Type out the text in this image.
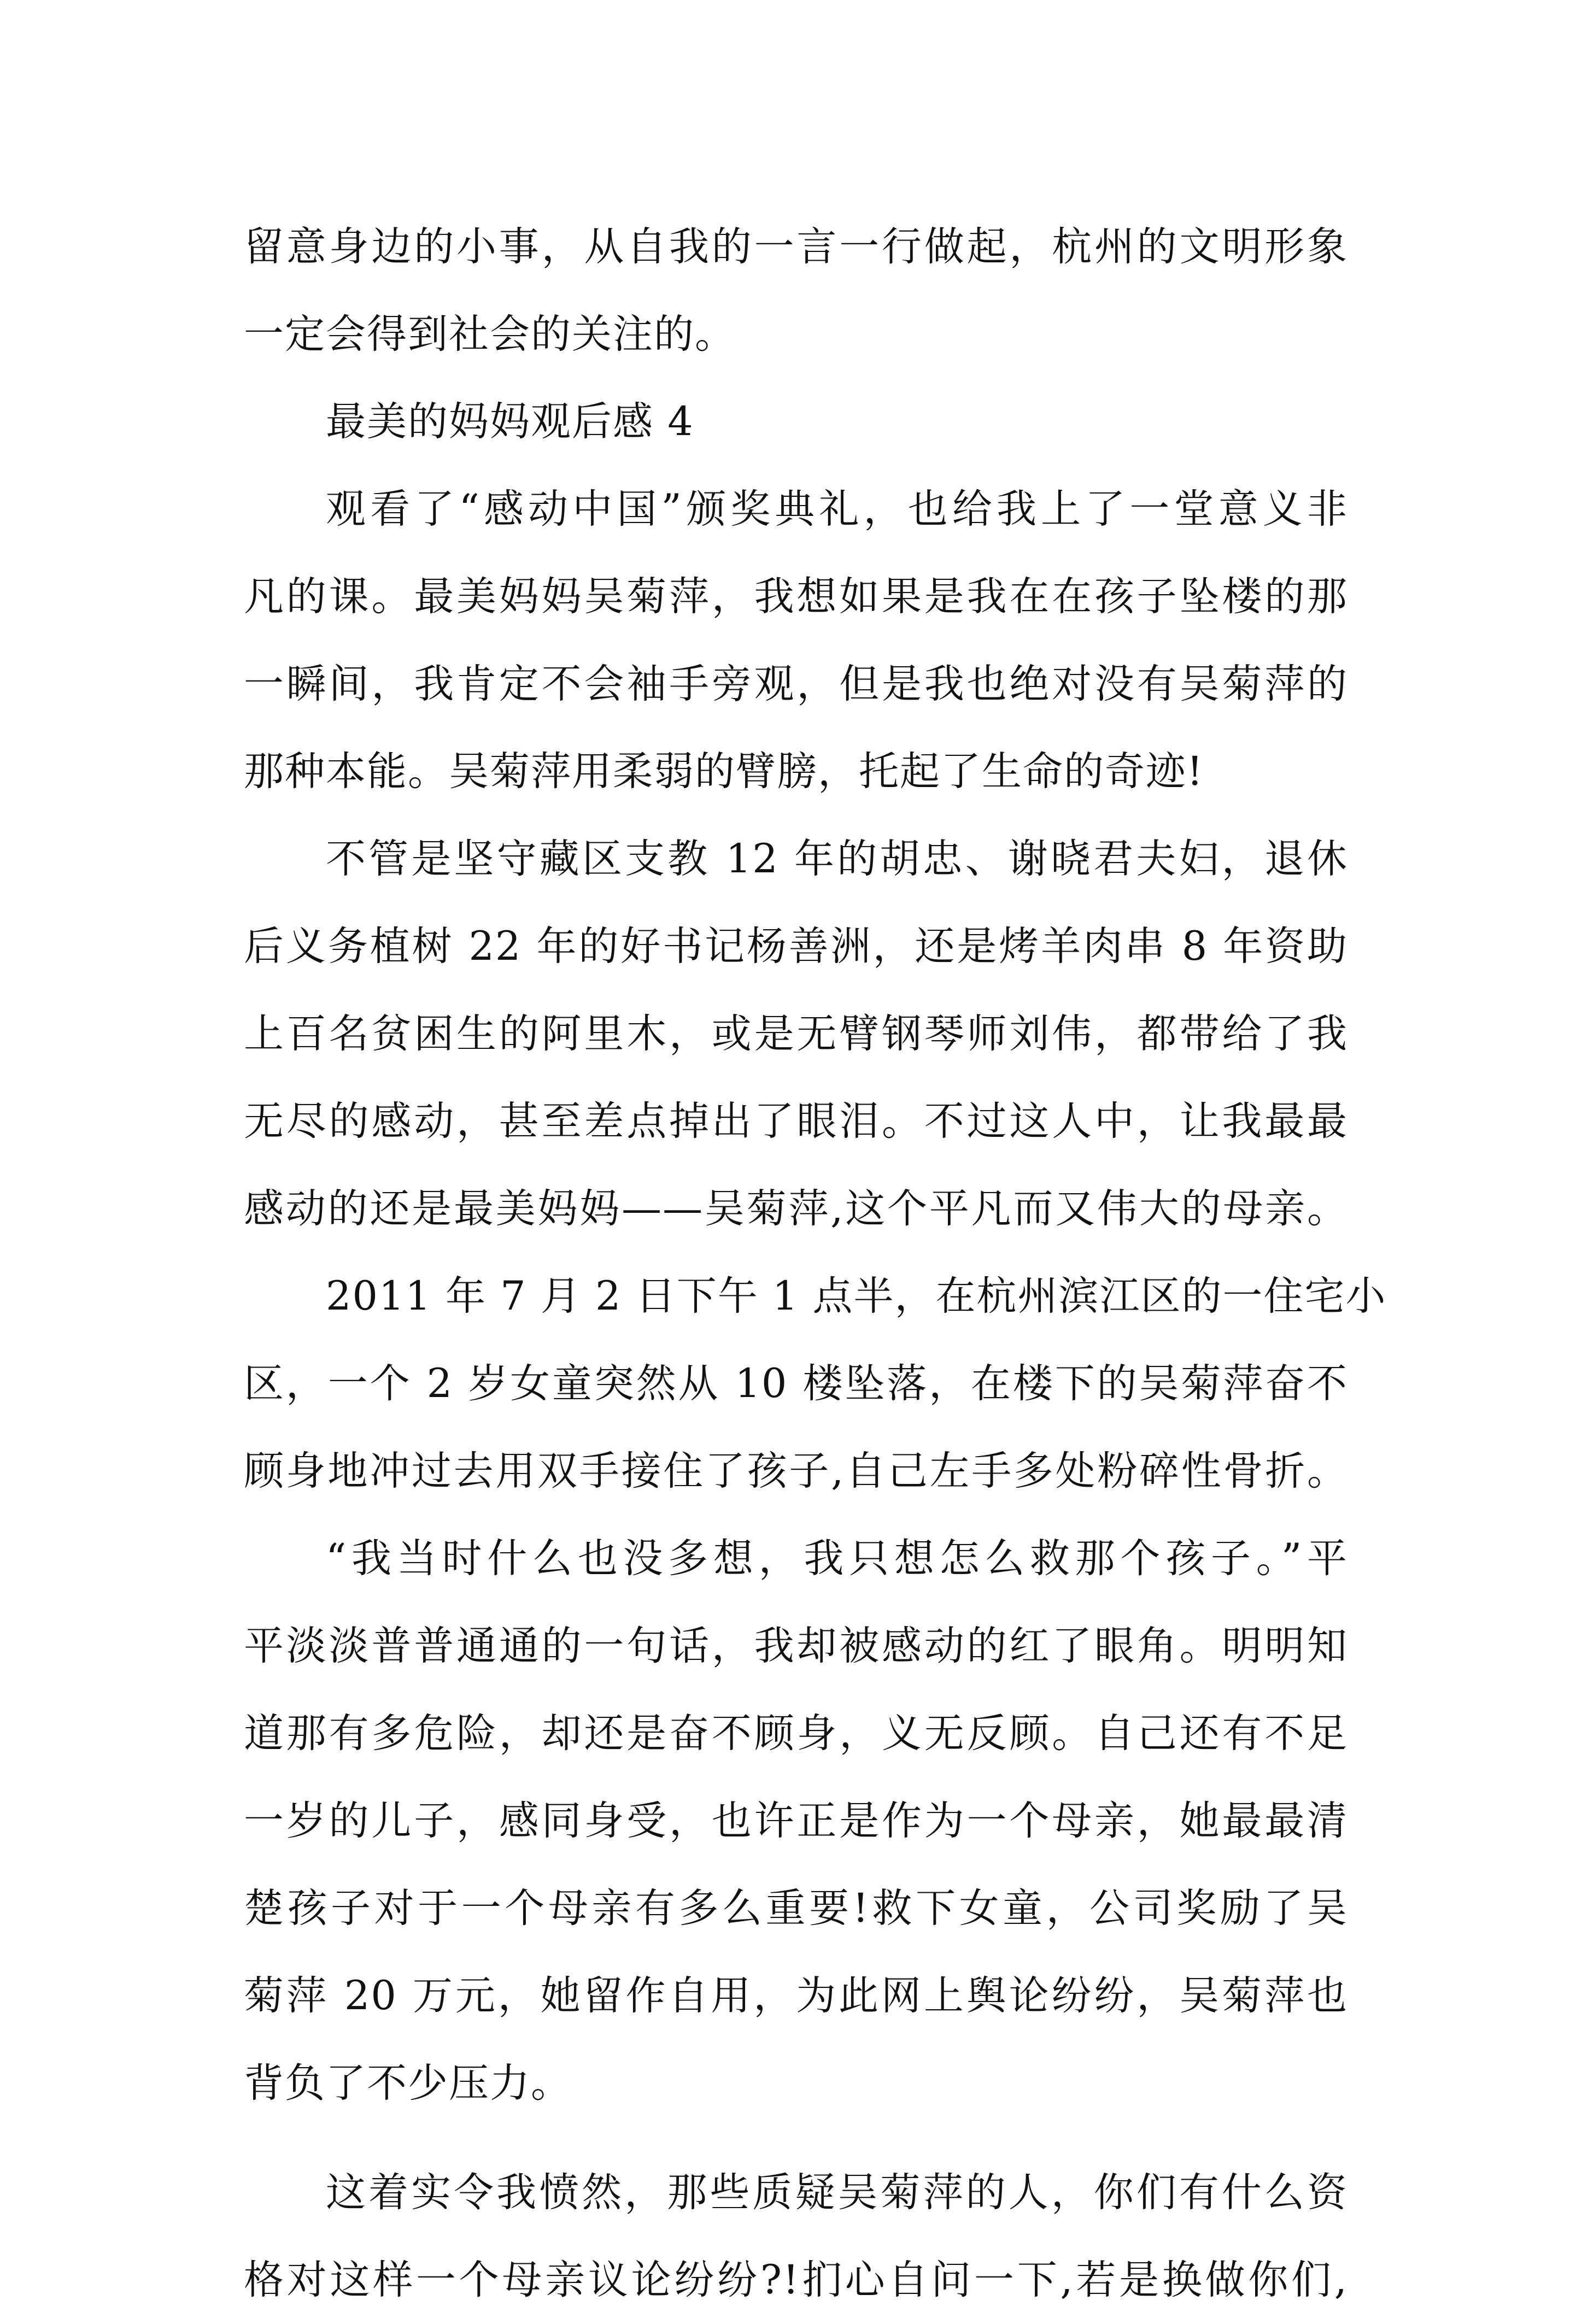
留意身边的小事，从自我的一言一行做起，杭州的文明形象
一定会得到社会的关注的。
最美的妈妈观后感 4
观看了“感动中国”颁奖典礼，也给我上了一堂意义非
凡的课。最美妈妈吴菊萍，我想如果是我在在孩子坠楼的那
一瞬间，我肯定不会袖手旁观，但是我也绝对没有吴菊萍的
那种本能。吴菊萍用柔弱的臂膀，托起了生命的奇迹!
不管是坚守藏区支教 12 年的胡忠、谢晓君夫妇，退休
后义务植树 22 年的好书记杨善洲，还是烤羊肉串 8 年资助
上百名贫困生的阿里木，或是无臂钢琴师刘伟，都带给了我
无尽的感动，甚至差点掉出了眼泪。不过这人中，让我最最
感动的还是最美妈妈——吴菊萍,这个平凡而又伟大的母亲。
2011 年 7 月 2 日下午 1 点半，在杭州滨江区的一住宅小
区，一个 2 岁女童突然从 10 楼坠落，在楼下的吴菊萍奋不
顾身地冲过去用双手接住了孩子,自己左手多处粉碎性骨折。
“我当时什么也没多想，我只想怎么救那个孩子。”平
平淡淡普普通通的一句话，我却被感动的红了眼角。明明知
道那有多危险，却还是奋不顾身，义无反顾。自己还有不足
一岁的儿子，感同身受，也许正是作为一个母亲，她最最清
楚孩子对于一个母亲有多么重要!救下女童，公司奖励了吴
菊萍 20 万元，她留作自用，为此网上舆论纷纷，吴菊萍也
背负了不少压力。
这着实令我愤然，那些质疑吴菊萍的人，你们有什么资
格对这样一个母亲议论纷纷?!扪心自问一下,若是换做你们,
